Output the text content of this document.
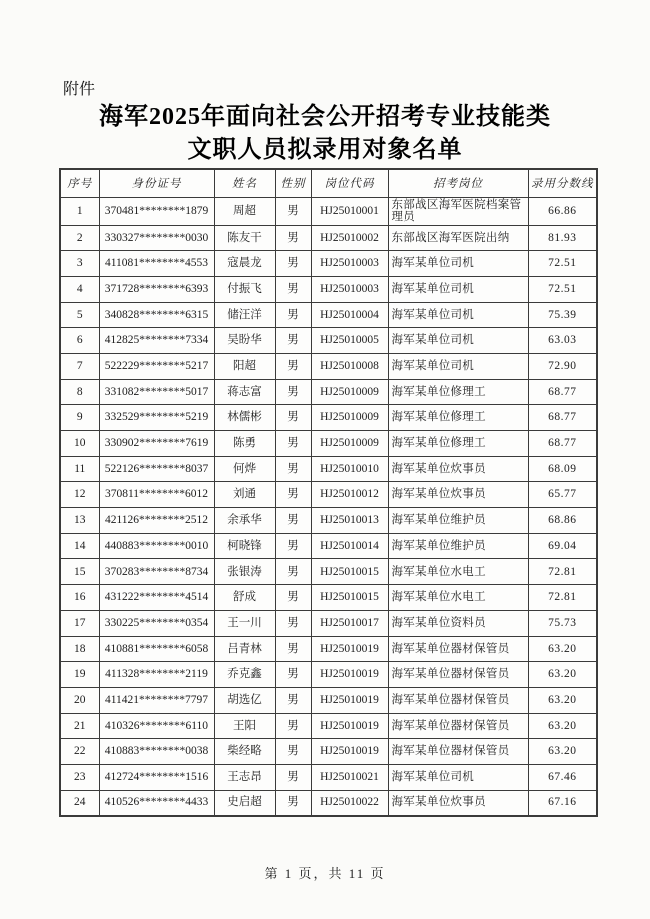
附件
海军2025年面向社会公开招考专业技能类
文职人员拟录用对象名单
序号	身份证号	姓名	性别	岗位代码	招考岗位	录用分数线
1	370481********1879	周超	男	HJ25010001	东部战区海军医院档案管理员	66.86
2	330327********0030	陈友干	男	HJ25010002	东部战区海军医院出纳	81.93
3	411081********4553	寇晨龙	男	HJ25010003	海军某单位司机	72.51
4	371728********6393	付振飞	男	HJ25010003	海军某单位司机	72.51
5	340828********6315	储汪洋	男	HJ25010004	海军某单位司机	75.39
6	412825********7334	吴盼华	男	HJ25010005	海军某单位司机	63.03
7	522229********5217	阳超	男	HJ25010008	海军某单位司机	72.90
8	331082********5017	蒋志富	男	HJ25010009	海军某单位修理工	68.77
9	332529********5219	林儒彬	男	HJ25010009	海军某单位修理工	68.77
10	330902********7619	陈勇	男	HJ25010009	海军某单位修理工	68.77
11	522126********8037	何烨	男	HJ25010010	海军某单位炊事员	68.09
12	370811********6012	刘通	男	HJ25010012	海军某单位炊事员	65.77
13	421126********2512	余承华	男	HJ25010013	海军某单位维护员	68.86
14	440883********0010	柯晓锋	男	HJ25010014	海军某单位维护员	69.04
15	370283********8734	张银涛	男	HJ25010015	海军某单位水电工	72.81
16	431222********4514	舒成	男	HJ25010015	海军某单位水电工	72.81
17	330225********0354	王一川	男	HJ25010017	海军某单位资料员	75.73
18	410881********6058	吕青林	男	HJ25010019	海军某单位器材保管员	63.20
19	411328********2119	乔克鑫	男	HJ25010019	海军某单位器材保管员	63.20
20	411421********7797	胡选亿	男	HJ25010019	海军某单位器材保管员	63.20
21	410326********6110	王阳	男	HJ25010019	海军某单位器材保管员	63.20
22	410883********0038	柴经略	男	HJ25010019	海军某单位器材保管员	63.20
23	412724********1516	王志昂	男	HJ25010021	海军某单位司机	67.46
24	410526********4433	史启超	男	HJ25010022	海军某单位炊事员	67.16
第 1 页，共 11 页
